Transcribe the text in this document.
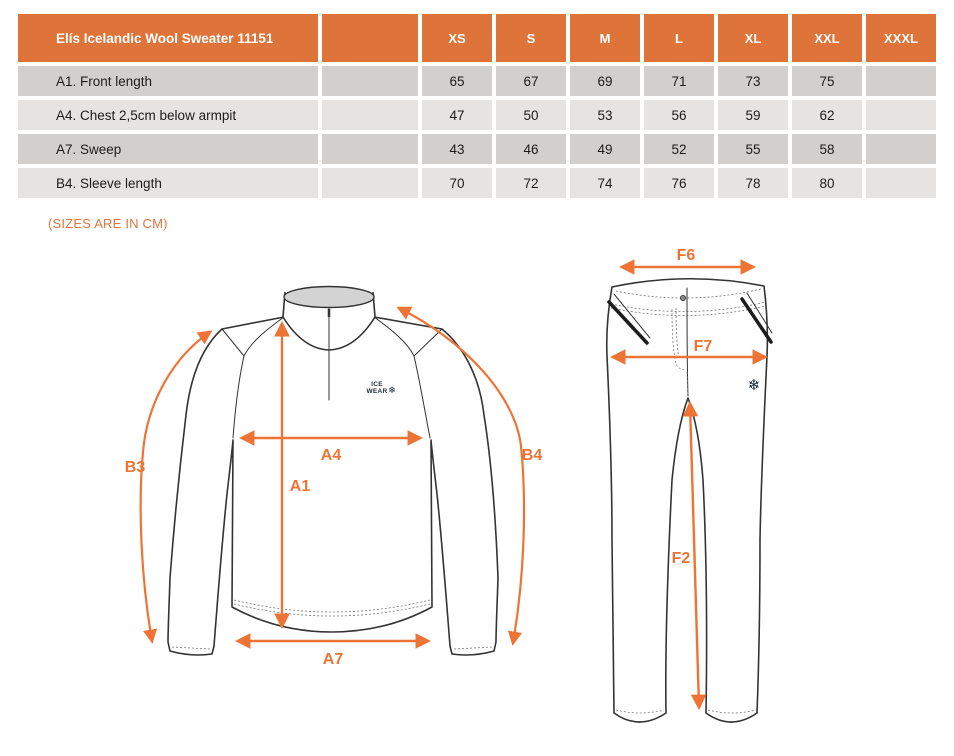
Elís Icelandic Wool Sweater 11151	XS	S	M	L	XL	XXL	XXXL
A1. Front length	65	67	69	71	73	75
A4. Chest 2,5cm below armpit	47	50	53	56	59	62
A7. Sweep	43	46	49	52	55	58
B4. Sleeve length	70	72	74	76	78	80
(SIZES ARE IN CM)
ICE
WEAR ❄
A4
A1
A7
B3
B4
❄
F6
F7
F2
